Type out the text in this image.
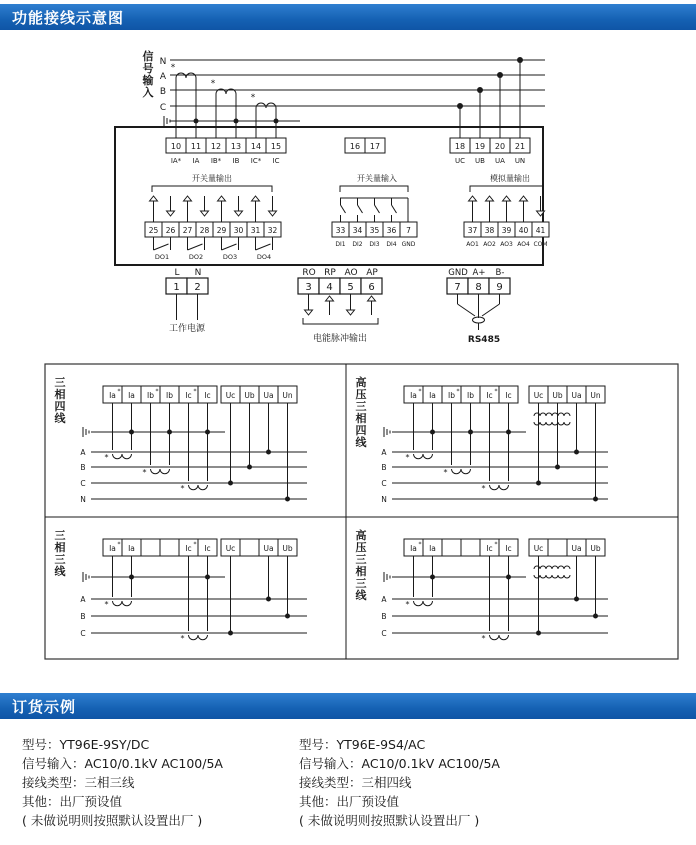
功能接线示意图
订货示例
信
号
输
入
N
A
B
C
10
IA*
11
IA
12
IB*
13
IB
14
IC*
15
IC
*
*
*
16 17	18
UC
19
UB
20
UA
21
UN
开关量输出
25 26 27 28 29 30 31 32
DO1	DO2	DO3	DO4
开关量输入
33
DI1
34
DI2
35
DI3
36
DI4
7
GND
模拟量输出
37
AO1
38
AO2
39
AO3
40
AO4
41
COM
L N
1 2
工作电源
RO RP AO AP
3 4 5 6
电能脉冲输出
GND A+ B-
7 8 9
RS485
三
相
四
线
Ia * Ia Ib * Ib Ic * Ic Uc Ub Ua Un
A
B
C
N
*
*
*
高
压
三
相
四
线
Ia * Ia Ib * Ib Ic * Ic	Uc Ub Ua Un
A
B
C
N
*
*
*
三
相
三
线
Ia * Ia	Ic * Ic Uc	Ua Ub
A
B
C
*
*
高
压
三
相
三
线
Ia * Ia	Ic * Ic	Uc	Ua Ub
A
B
C
*
*
型号：YT96E-9SY/DC
信号输入：AC10/0.1kV AC100/5A
接线类型：三相三线
其他：出厂预设值
( 未做说明则按照默认设置出厂 )
型号：YT96E-9S4/AC
信号输入：AC10/0.1kV AC100/5A
接线类型：三相四线
其他：出厂预设值
( 未做说明则按照默认设置出厂 )
